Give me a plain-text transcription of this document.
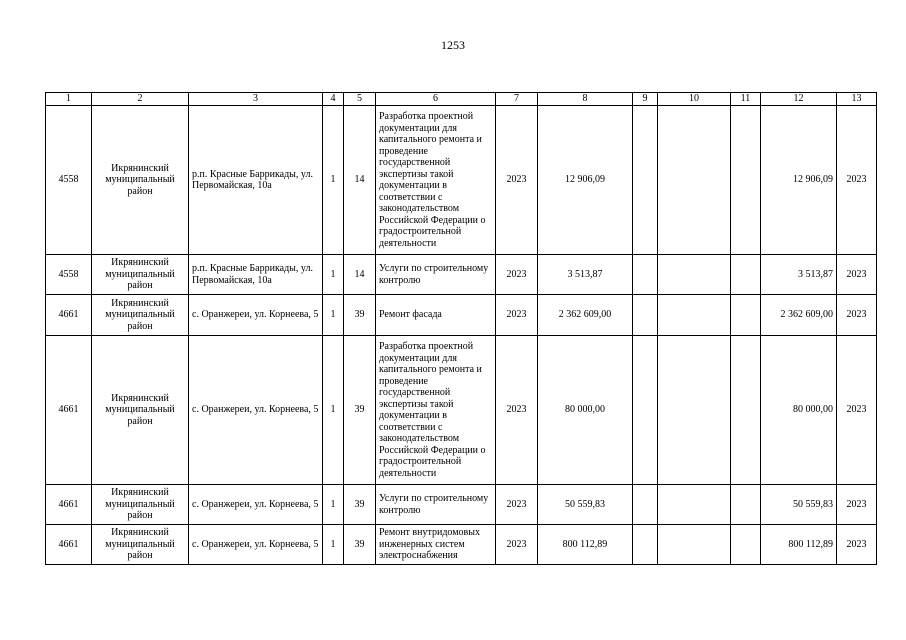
1253
1	2	3	4	5	6	7	8	9	10	11	12	13
4558	Икрянинский муниципальный район	р.п. Красные Баррикады, ул. Первомайская, 10а	1	14	Разработка проектной документации для капитального ремонта и проведение государственной экспертизы такой документации в соответствии с законодательством Российской Федерации о градостроительной деятельности	2023	12 906,09				12 906,09	2023
4558	Икрянинский муниципальный район	р.п. Красные Баррикады, ул. Первомайская, 10а	1	14	Услуги по строительному контролю	2023	3 513,87				3 513,87	2023
4661	Икрянинский муниципальный район	с. Оранжереи, ул. Корнеева, 5	1	39	Ремонт фасада	2023	2 362 609,00				2 362 609,00	2023
4661	Икрянинский муниципальный район	с. Оранжереи, ул. Корнеева, 5	1	39	Разработка проектной документации для капитального ремонта и проведение государственной экспертизы такой документации в соответствии с законодательством Российской Федерации о градостроительной деятельности	2023	80 000,00				80 000,00	2023
4661	Икрянинский муниципальный район	с. Оранжереи, ул. Корнеева, 5	1	39	Услуги по строительному контролю	2023	50 559,83				50 559,83	2023
4661	Икрянинский муниципальный район	с. Оранжереи, ул. Корнеева, 5	1	39	Ремонт внутридомовых инженерных систем электроснабжения	2023	800 112,89				800 112,89	2023
